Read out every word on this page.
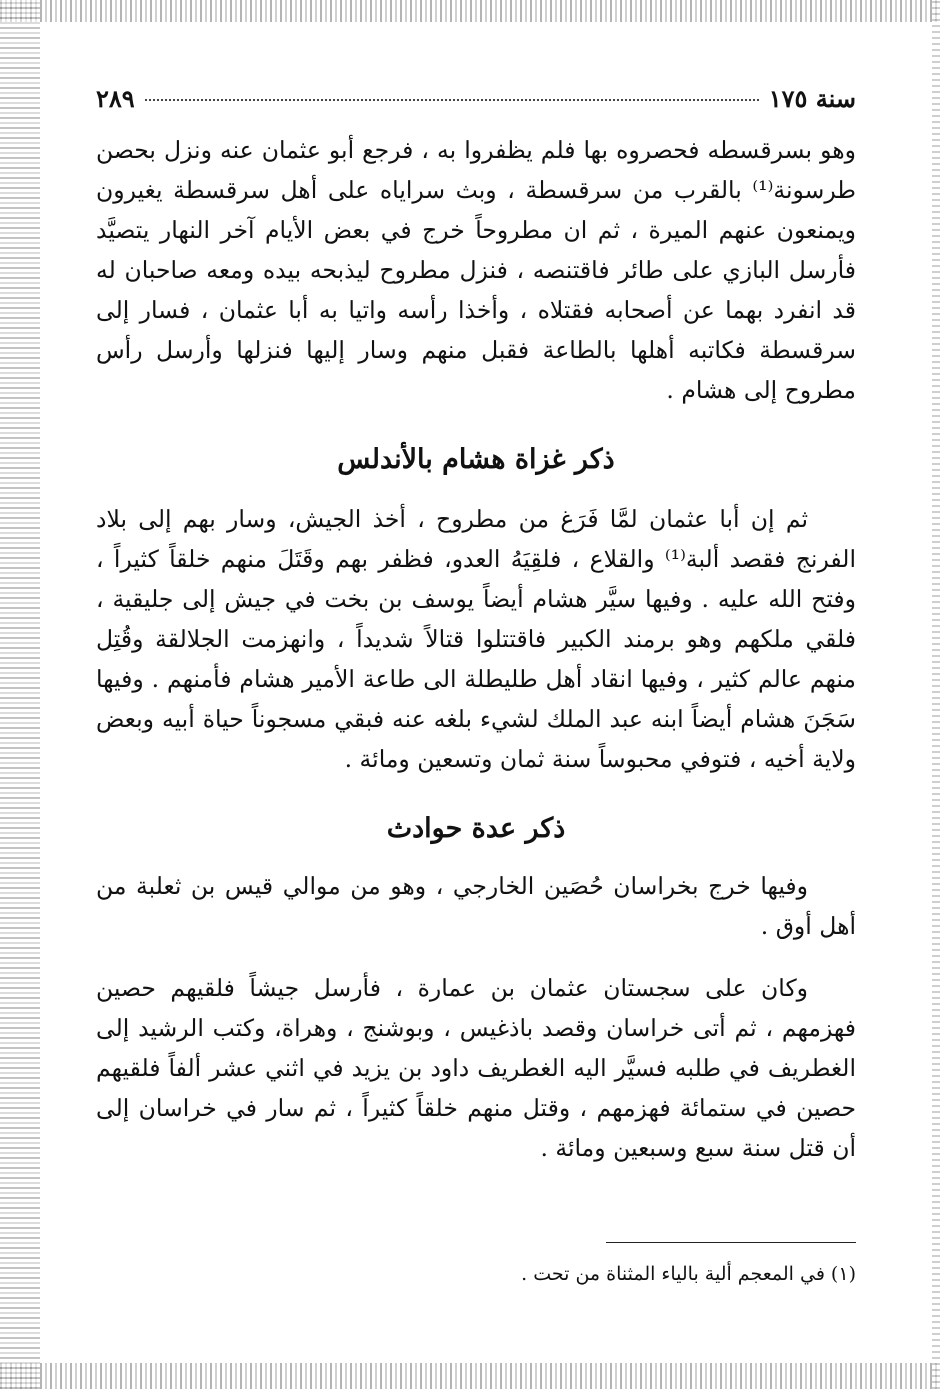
سنة ١٧٥
٢٨٩

وهو بسرقسطه فحصروه بها فلم يظفروا به ، فرجع أبو عثمان عنه ونزل بحصن طرسونة⁽¹⁾ بالقرب من سرقسطة ، وبث سراياه على أهل سرقسطة يغيرون ويمنعون عنهم الميرة ، ثم ان مطروحاً خرج في بعض الأيام آخر النهار يتصيَّد فأرسل البازي على طائر فاقتنصه ، فنزل مطروح ليذبحه بيده ومعه صاحبان له قد انفرد بهما عن أصحابه فقتلاه ، وأخذا رأسه واتيا به أبا عثمان ، فسار إلى سرقسطة فكاتبه أهلها بالطاعة فقبل منهم وسار إليها فنزلها وأرسل رأس مطروح إلى هشام .

ذكر غزاة هشام بالأندلس

ثم إن أبا عثمان لمَّا فَرَغ من مطروح ، أخذ الجيش، وسار بهم إلى بلاد الفرنج فقصد ألبة⁽¹⁾ والقلاع ، فلقِيَهُ العدو، فظفر بهم وقَتَلَ منهم خلقاً كثيراً ، وفتح الله عليه . وفيها سيَّر هشام أيضاً يوسف بن بخت في جيش إلى جليقية ، فلقي ملكهم وهو برمند الكبير فاقتتلوا قتالاً شديداً ، وانهزمت الجلالقة وقُتِل منهم عالم كثير ، وفيها انقاد أهل طليطلة الى طاعة الأمير هشام فأمنهم . وفيها سَجَنَ هشام أيضاً ابنه عبد الملك لشيء بلغه عنه فبقي مسجوناً حياة أبيه وبعض ولاية أخيه ، فتوفي محبوساً سنة ثمان وتسعين ومائة .

ذكر عدة حوادث

وفيها خرج بخراسان حُصَين الخارجي ، وهو من موالي قيس بن ثعلبة من أهل أوق .

وكان على سجستان عثمان بن عمارة ، فأرسل جيشاً فلقيهم حصين فهزمهم ، ثم أتى خراسان وقصد باذغيس ، وبوشنج ، وهراة، وكتب الرشيد إلى الغطريف في طلبه فسيَّر اليه الغطريف داود بن يزيد في اثني عشر ألفاً فلقيهم حصين في ستمائة فهزمهم ، وقتل منهم خلقاً كثيراً ، ثم سار في خراسان إلى أن قتل سنة سبع وسبعين ومائة .

(١) في المعجم ألية بالياء المثناة من تحت .
